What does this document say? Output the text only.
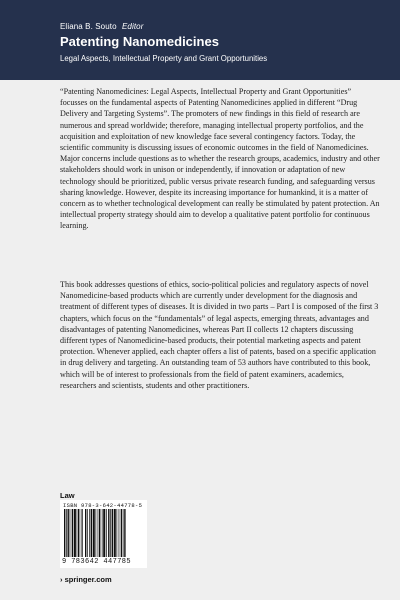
Eliana B. Souto Editor
Patenting Nanomedicines
Legal Aspects, Intellectual Property and Grant Opportunities

“Patenting Nanomedicines: Legal Aspects, Intellectual Property and Grant Opportunities” focusses on the fundamental aspects of Patenting Nanomedicines applied in different “Drug Delivery and Targeting Systems”. The promoters of new findings in this field of research are numerous and spread worldwide; therefore, managing intellectual property portfolios, and the acquisition and exploitation of new knowledge face several contingency factors. Today, the scientific community is discussing issues of economic outcomes in the field of Nanomedicines. Major concerns include questions as to whether the research groups, academics, industry and other stakeholders should work in unison or independently, if innovation or adaptation of new technology should be prioritized, public versus private research funding, and safeguarding versus sharing knowledge. However, despite its increasing importance for humankind, it is a matter of concern as to whether technological development can really be stimulated by patent protection. An intellectual property strategy should aim to develop a qualitative patent portfolio for continuous learning.

This book addresses questions of ethics, socio-political policies and regulatory aspects of novel Nanomedicine-based products which are currently under development for the diagnosis and treatment of different types of diseases. It is divided in two parts – Part I is composed of the first 3 chapters, which focus on the “fundamentals” of legal aspects, emerging threats, advantages and disadvantages of patenting Nanomedicines, whereas Part II collects 12 chapters discussing different types of Nanomedicine-based products, their potential marketing aspects and patent protection. Whenever applied, each chapter offers a list of patents, based on a specific application in drug delivery and targeting. An outstanding team of 53 authors have contributed to this book, which will be of interest to professionals from the field of patent examiners, academics, researchers and scientists, students and other practitioners.

Law
ISBN 978-3-642-44778-5
9 783642 447785
› springer.com
